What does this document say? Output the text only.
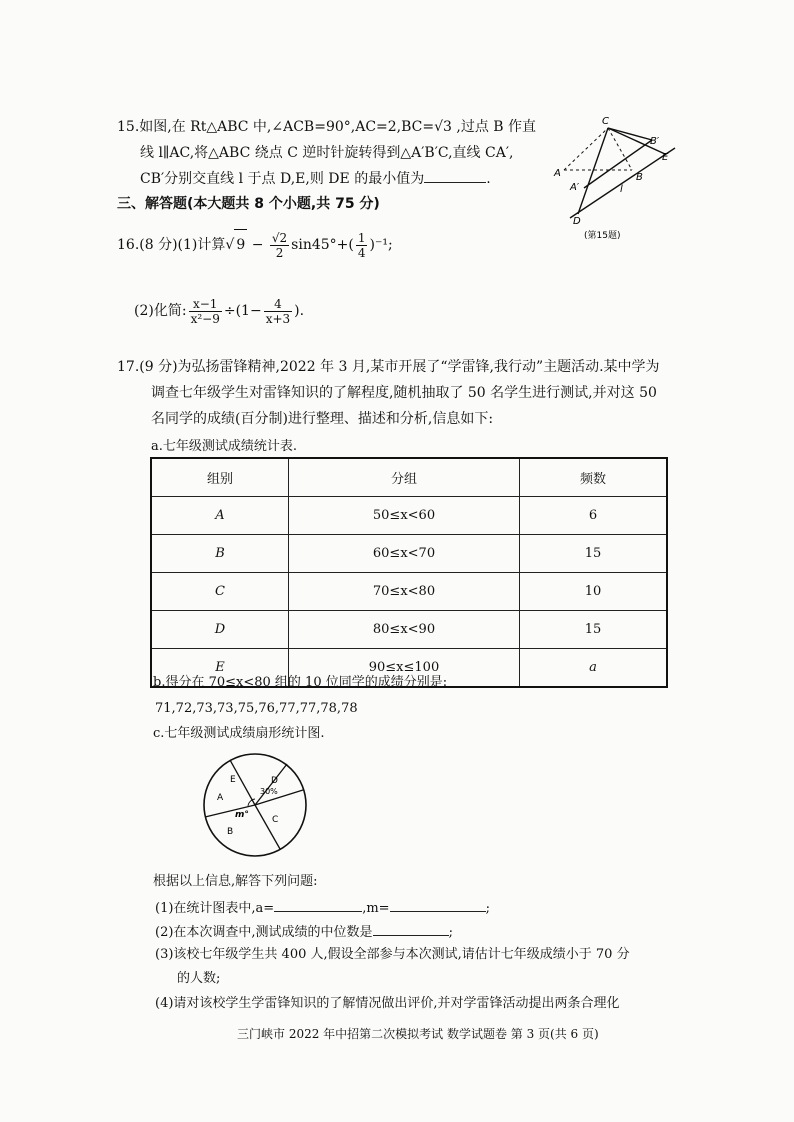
15.如图,在 Rt△ABC 中,∠ACB=90°,AC=2,BC=√3 ,过点 B 作直
线 l∥AC,将△ABC 绕点 C 逆时针旋转得到△A′B′C,直线 CA′,
CB′分别交直线 l 于点 D,E,则 DE 的最小值为	.
C
B′
E
A
A′
B
l
D
(第15题)
三、解答题(本大题共 8 个小题,共 75 分)
16.(8 分)(1)计算√ $9 - \frac{√2}{2} \sin 45^\circ+( \frac{1}{4} )^{-1}$;
(2)化简: $\frac{x-1}{\text{x²−9}} \div(1- \frac{4}{x+3}$ ).
17.(9 分)为弘扬雷锋精神,2022 年 3 月,某市开展了“学雷锋,我行动”主题活动.某中学为
调查七年级学生对雷锋知识的了解程度,随机抽取了 50 名学生进行测试,并对这 50
名同学的成绩(百分制)进行整理、描述和分析,信息如下:
a.七年级测试成绩统计表.
组别	分组	频数
A	50≤x<60	6
B	60≤x<70	15
C	70≤x<80	10
D	80≤x<90	15
E	90≤x≤100	a
b.得分在 70≤x<80 组的 10 位同学的成绩分别是:
71,72,73,73,75,76,77,77,78,78
c.七年级测试成绩扇形统计图.
E	D
30%
A
m°
B
C
根据以上信息,解答下列问题:
(1)在统计图表中,a=	,m=	;
(2)在本次调查中,测试成绩的中位数是	;
(3)该校七年级学生共 400 人,假设全部参与本次测试,请估计七年级成绩小于 70 分
的人数;
(4)请对该校学生学雷锋知识的了解情况做出评价,并对学雷锋活动提出两条合理化
三门峡市 2022 年中招第二次模拟考试 数学试题卷 第 3 页(共 6 页)
